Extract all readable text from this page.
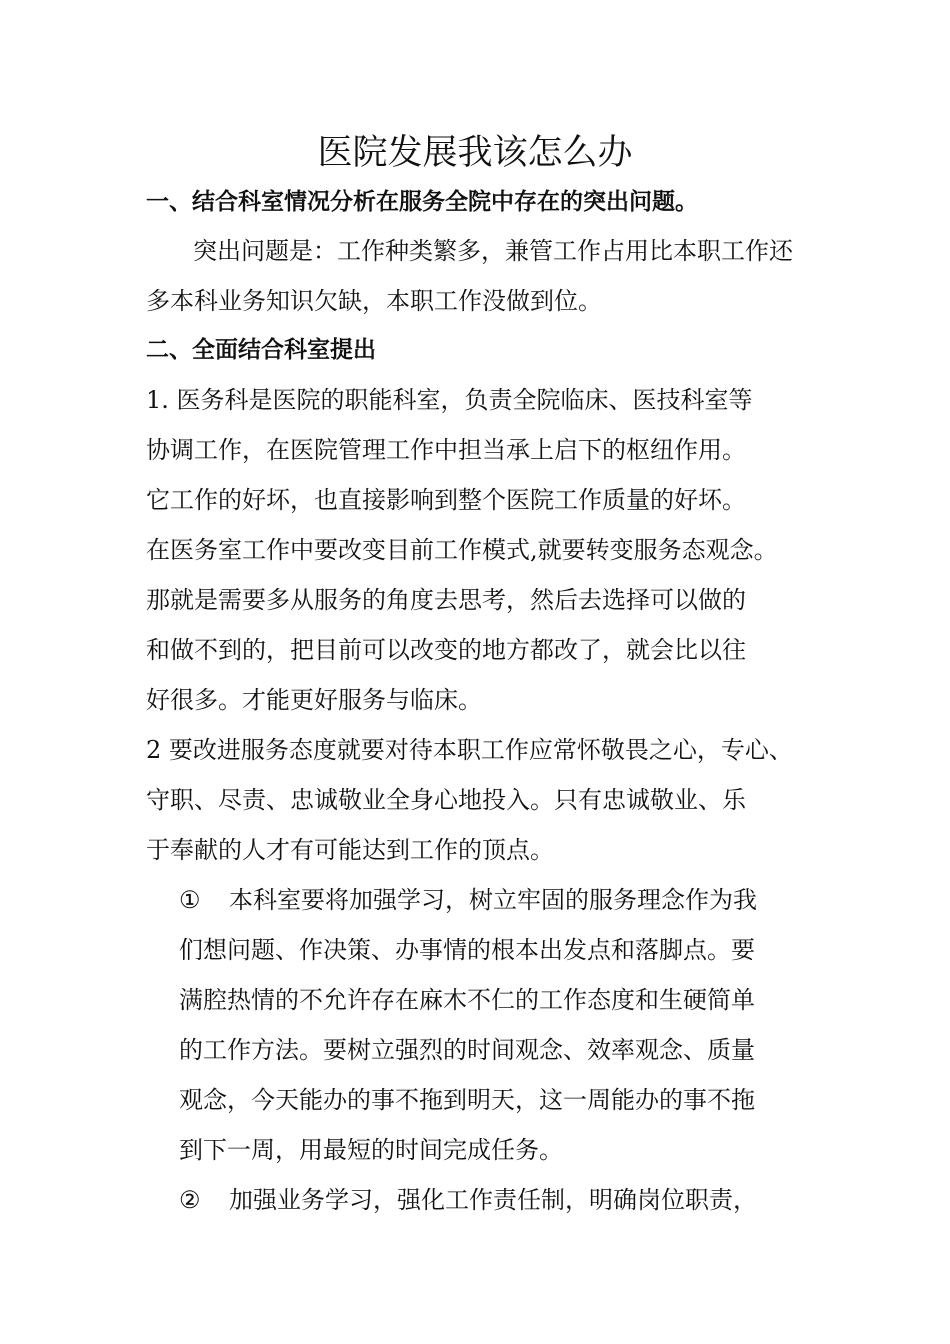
医院发展我该怎么办
一、结合科室情况分析在服务全院中存在的突出问题。

突出问题是：工作种类繁多，兼管工作占用比本职工作还

多本科业务知识欠缺，本职工作没做到位。

二、全面结合科室提出

1. 医务科是医院的职能科室，负责全院临床、医技科室等

协调工作，在医院管理工作中担当承上启下的枢纽作用。

它工作的好坏，也直接影响到整个医院工作质量的好坏。

在医务室工作中要改变目前工作模式,就要转变服务态观念。

那就是需要多从服务的角度去思考，然后去选择可以做的

和做不到的，把目前可以改变的地方都改了，就会比以往

好很多。才能更好服务与临床。

2 要改进服务态度就要对待本职工作应常怀敬畏之心，专心、

守职、尽责、忠诚敬业全身心地投入。只有忠诚敬业、乐

于奉献的人才有可能达到工作的顶点。

① 本科室要将加强学习，树立牢固的服务理念作为我

们想问题、作决策、办事情的根本出发点和落脚点。要

满腔热情的不允许存在麻木不仁的工作态度和生硬简单

的工作方法。要树立强烈的时间观念、效率观念、质量

观念，今天能办的事不拖到明天，这一周能办的事不拖

到下一周，用最短的时间完成任务。

② 加强业务学习，强化工作责任制，明确岗位职责，
